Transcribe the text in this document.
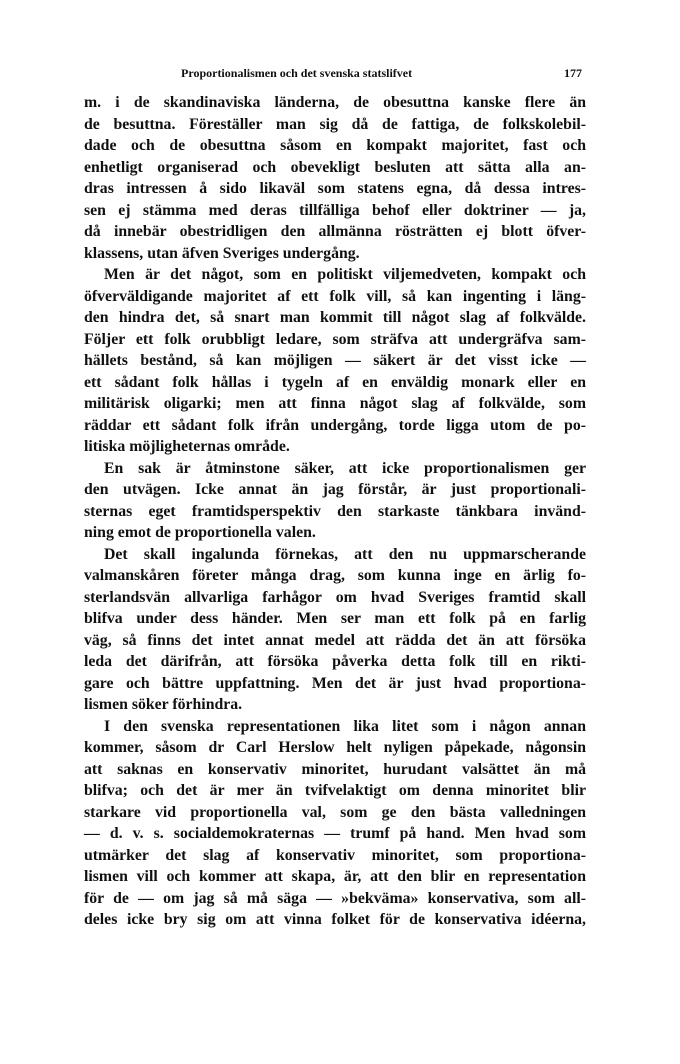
Proportionalismen och det svenska statslifvet	177
m. i de skandinaviska länderna, de obesuttna kanske flere än
de besuttna. Föreställer man sig då de fattiga, de folkskolebil-
dade och de obesuttna såsom en kompakt majoritet, fast och
enhetligt organiserad och obevekligt besluten att sätta alla an-
dras intressen å sido likaväl som statens egna, då dessa intres-
sen ej stämma med deras tillfälliga behof eller doktriner — ja,
då innebär obestridligen den allmänna rösträtten ej blott öfver-
klassens, utan äfven Sveriges undergång.
Men är det något, som en politiskt viljemedveten, kompakt och
öfverväldigande majoritet af ett folk vill, så kan ingenting i läng-
den hindra det, så snart man kommit till något slag af folkvälde.
Följer ett folk orubbligt ledare, som sträfva att undergräfva sam-
hällets bestånd, så kan möjligen — säkert är det visst icke —
ett sådant folk hållas i tygeln af en enväldig monark eller en
militärisk oligarki; men att finna något slag af folkvälde, som
räddar ett sådant folk ifrån undergång, torde ligga utom de po-
litiska möjligheternas område.
En sak är åtminstone säker, att icke proportionalismen ger
den utvägen. Icke annat än jag förstår, är just proportionali-
sternas eget framtidsperspektiv den starkaste tänkbara invänd-
ning emot de proportionella valen.
Det skall ingalunda förnekas, att den nu uppmarscherande
valmanskåren företer många drag, som kunna inge en ärlig fo-
sterlandsvän allvarliga farhågor om hvad Sveriges framtid skall
blifva under dess händer. Men ser man ett folk på en farlig
väg, så finns det intet annat medel att rädda det än att försöka
leda det därifrån, att försöka påverka detta folk till en rikti-
gare och bättre uppfattning. Men det är just hvad proportiona-
lismen söker förhindra.
I den svenska representationen lika litet som i någon annan
kommer, såsom dr Carl Herslow helt nyligen påpekade, någonsin
att saknas en konservativ minoritet, hurudant valsättet än må
blifva; och det är mer än tvifvelaktigt om denna minoritet blir
starkare vid proportionella val, som ge den bästa valledningen
— d. v. s. socialdemokraternas — trumf på hand. Men hvad som
utmärker det slag af konservativ minoritet, som proportiona-
lismen vill och kommer att skapa, är, att den blir en representation
för de — om jag så må säga — »bekväma» konservativa, som all-
deles icke bry sig om att vinna folket för de konservativa idéerna,
